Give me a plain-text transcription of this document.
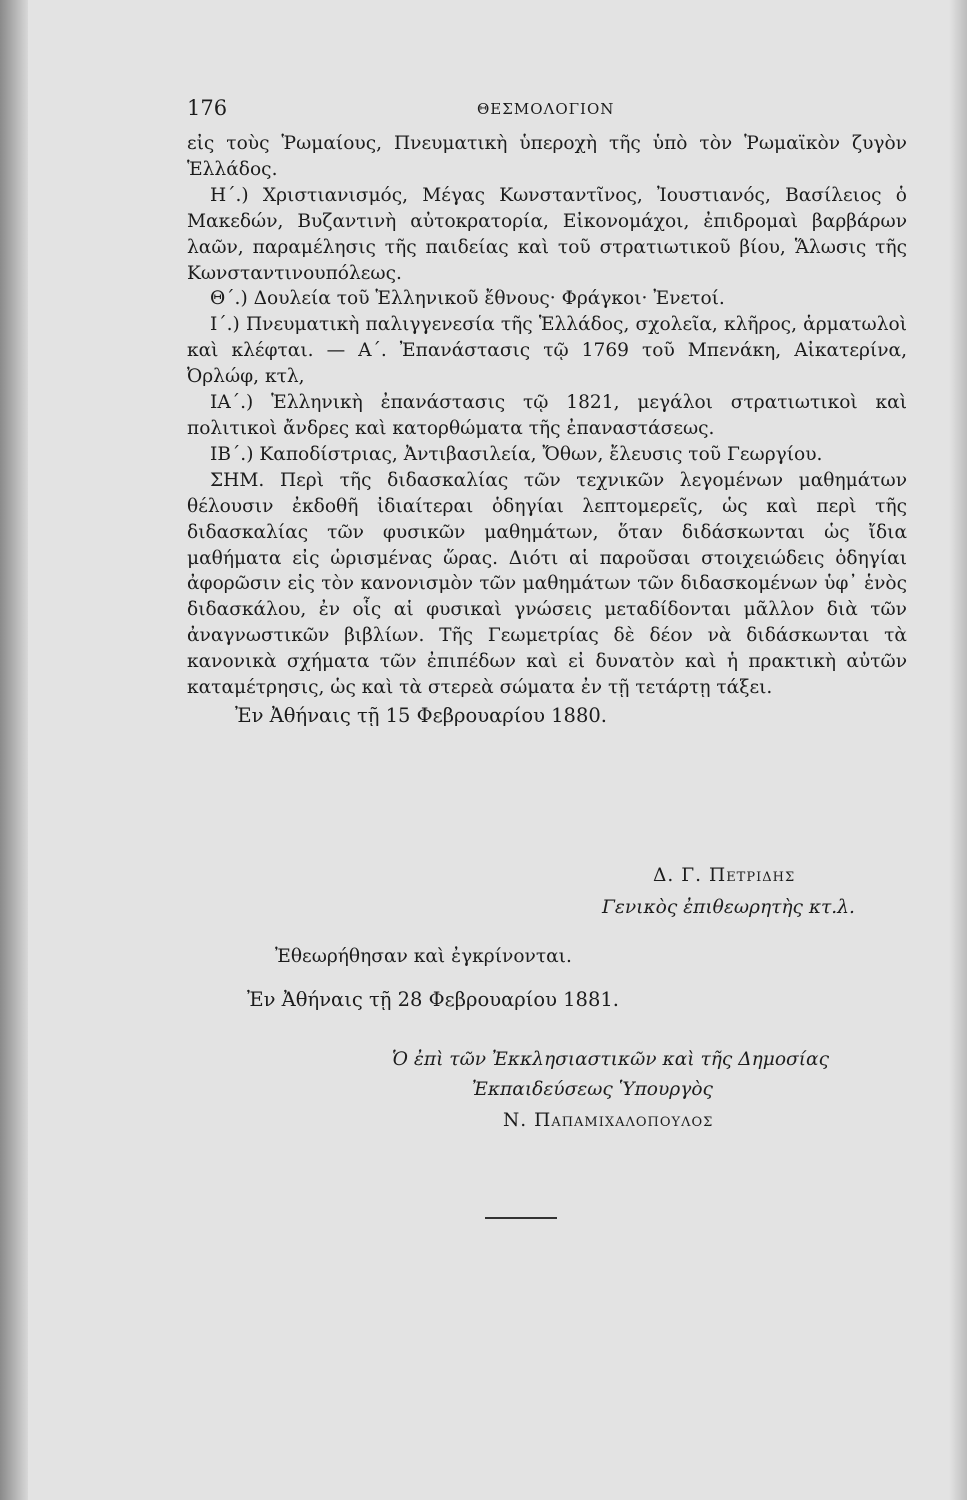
176	ΘΕΣΜΟΛΟΓΙΟΝ

εἰς τοὺς Ῥωμαίους, Πνευματικὴ ὑπεροχὴ τῆς ὑπὸ τὸν Ῥωμαϊκὸν ζυγὸν Ἑλλάδος.

Η΄.) Χριστιανισμός, Μέγας Κωνσταντῖνος, Ἰουστιανός, Βασίλειος ὁ Μακεδών, Βυζαντινὴ αὐτοκρατορία, Εἰκονομάχοι, ἐπιδρομαὶ βαρβάρων λαῶν, παραμέλησις τῆς παιδείας καὶ τοῦ στρατιωτικοῦ βίου, Ἅλωσις τῆς Κωνσταντινουπόλεως.

Θ΄.) Δουλεία τοῦ Ἑλληνικοῦ ἔθνους· Φράγκοι· Ἐνετοί.

Ι΄.) Πνευματικὴ παλιγγενεσία τῆς Ἑλλάδος, σχολεῖα, κλῆρος, ἁρματωλοὶ καὶ κλέφται. — Α΄. Ἐπανάστασις τῷ 1769 τοῦ Μπενάκη, Αἰκατερίνα, Ὀρλώφ, κτλ,

ΙΑ΄.) Ἑλληνικὴ ἐπανάστασις τῷ 1821, μεγάλοι στρατιωτικοὶ καὶ πολιτικοὶ ἄνδρες καὶ κατορθώματα τῆς ἐπαναστάσεως.

ΙΒ΄.) Καποδίστριας, Ἀντιβασιλεία, Ὄθων, ἔλευσις τοῦ Γεωργίου.

ΣΗΜ. Περὶ τῆς διδασκαλίας τῶν τεχνικῶν λεγομένων μαθημάτων θέλουσιν ἐκδοθῆ ἰδιαίτεραι ὁδηγίαι λεπτομερεῖς, ὡς καὶ περὶ τῆς διδασκαλίας τῶν φυσικῶν μαθημάτων, ὅταν διδάσκωνται ὡς ἴδια μαθήματα εἰς ὡρισμένας ὥρας. Διότι αἱ παροῦσαι στοιχειώδεις ὁδηγίαι ἀφορῶσιν εἰς τὸν κανονισμὸν τῶν μαθημάτων τῶν διδασκομένων ὑφ᾽ ἑνὸς διδασκάλου, ἐν οἷς αἱ φυσικαὶ γνώσεις μεταδίδονται μᾶλλον διὰ τῶν ἀναγνωστικῶν βιβλίων. Τῆς Γεωμετρίας δὲ δέον νὰ διδάσκωνται τὰ κανονικὰ σχήματα τῶν ἐπιπέδων καὶ εἰ δυνατὸν καὶ ἡ πρακτικὴ αὐτῶν καταμέτρησις, ὡς καὶ τὰ στερεὰ σώματα ἐν τῇ τετάρτῃ τάξει.

Ἐν Ἀθήναις τῇ 15 Φεβρουαρίου 1880.

Δ. Γ. ΠΕΤΡΙΔΗΣ
Γενικὸς ἐπιθεωρητὴς κτ.λ.
Ἐθεωρήθησαν καὶ ἐγκρίνονται.
Ἐν Ἀθήναις τῇ 28 Φεβρουαρίου 1881.
Ὁ ἐπὶ τῶν Ἐκκλησιαστικῶν καὶ τῆς Δημοσίας
Ἐκπαιδεύσεως Ὑπουργὸς
Ν. ΠΑΠΑΜΙΧΑΛΟΠΟΥΛΟΣ
